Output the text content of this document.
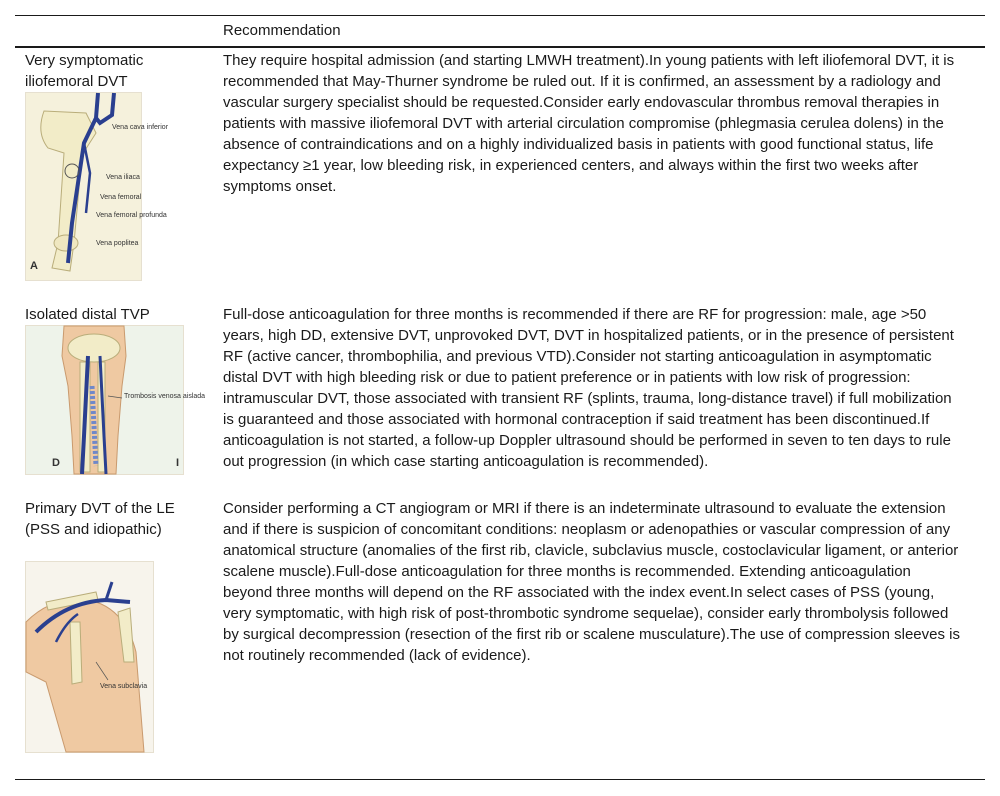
Recommendation
Very symptomatic iliofemoral DVT
They require hospital admission (and starting LMWH treatment).In young patients with left iliofemoral DVT, it is recommended that May-Thurner syndrome be ruled out. If it is confirmed, an assessment by a radiology and vascular surgery specialist should be requested.Consider early endovascular thrombus removal therapies in patients with massive iliofemoral DVT with arterial circulation compromise (phlegmasia cerulea dolens) in the absence of contraindications and on a highly individualized basis in patients with good functional status, life expectancy ≥1 year, low bleeding risk, in experienced centers, and always within the first two weeks after symptoms onset.
Vena cava inferior
Vena iliaca
Vena femoral
Vena femoral profunda
Vena poplitea
A
Isolated distal TVP	Full-dose anticoagulation for three months is recommended if there are RF for progression: male, age >50 years, high DD, extensive DVT, unprovoked DVT, DVT in hospitalized patients, or in the presence of persistent RF (active cancer, thrombophilia, and previous VTD).Consider not starting anticoagulation in asymptomatic distal DVT with high bleeding risk or due to patient preference or in patients with low risk of progression: intramuscular DVT, those associated with transient RF (splints, trauma, long-distance travel) if full mobilization is guaranteed and those associated with hormonal contraception if said treatment has been discontinued.If anticoagulation is not started, a follow-up Doppler ultrasound should be performed in seven to ten days to rule out progression (in which case starting anticoagulation is recommended).
Trombosis venosa aislada
D	I
Primary DVT of the LE (PSS and idiopathic)
Consider performing a CT angiogram or MRI if there is an indeterminate ultrasound to evaluate the extension and if there is suspicion of concomitant conditions: neoplasm or adenopathies or vascular compression of any anatomical structure (anomalies of the first rib, clavicle, subclavius muscle, costoclavicular ligament, or anterior scalene muscle).Full-dose anticoagulation for three months is recommended. Extending anticoagulation beyond three months will depend on the RF associated with the index event.In select cases of PSS (young, very symptomatic, with high risk of post-thrombotic syndrome sequelae), consider early thrombolysis followed by surgical decompression (resection of the first rib or scalene musculature).The use of compression sleeves is not routinely recommended (lack of evidence).
Vena subclavia
